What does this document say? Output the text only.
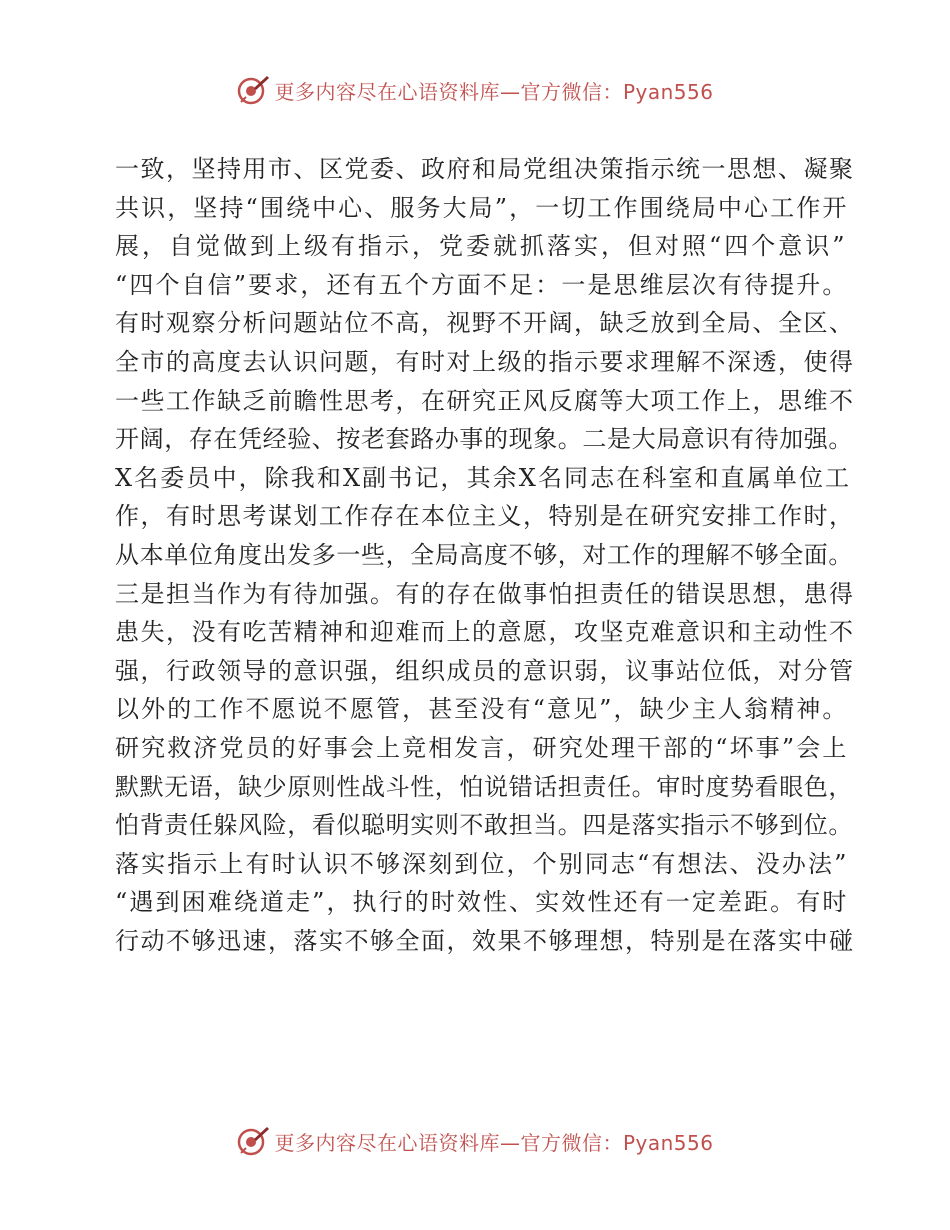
更多内容尽在心语资料库—官方微信：Pyan556
一致，坚持用市、区党委、政府和局党组决策指示统一思想、凝聚
共识，坚持“围绕中心、服务大局”，一切工作围绕局中心工作开
展，自觉做到上级有指示，党委就抓落实，但对照“四个意识”
“四个自信”要求，还有五个方面不足：一是思维层次有待提升。
有时观察分析问题站位不高，视野不开阔，缺乏放到全局、全区、
全市的高度去认识问题，有时对上级的指示要求理解不深透，使得
一些工作缺乏前瞻性思考，在研究正风反腐等大项工作上，思维不
开阔，存在凭经验、按老套路办事的现象。二是大局意识有待加强。
X名委员中，除我和X副书记，其余X名同志在科室和直属单位工
作，有时思考谋划工作存在本位主义，特别是在研究安排工作时，
从本单位角度出发多一些，全局高度不够，对工作的理解不够全面。
三是担当作为有待加强。有的存在做事怕担责任的错误思想，患得
患失，没有吃苦精神和迎难而上的意愿，攻坚克难意识和主动性不
强，行政领导的意识强，组织成员的意识弱，议事站位低，对分管
以外的工作不愿说不愿管，甚至没有“意见”，缺少主人翁精神。
研究救济党员的好事会上竞相发言，研究处理干部的“坏事”会上
默默无语，缺少原则性战斗性，怕说错话担责任。审时度势看眼色，
怕背责任躲风险，看似聪明实则不敢担当。四是落实指示不够到位。
落实指示上有时认识不够深刻到位，个别同志“有想法、没办法”
“遇到困难绕道走”，执行的时效性、实效性还有一定差距。有时
行动不够迅速，落实不够全面，效果不够理想，特别是在落实中碰
更多内容尽在心语资料库—官方微信：Pyan556
